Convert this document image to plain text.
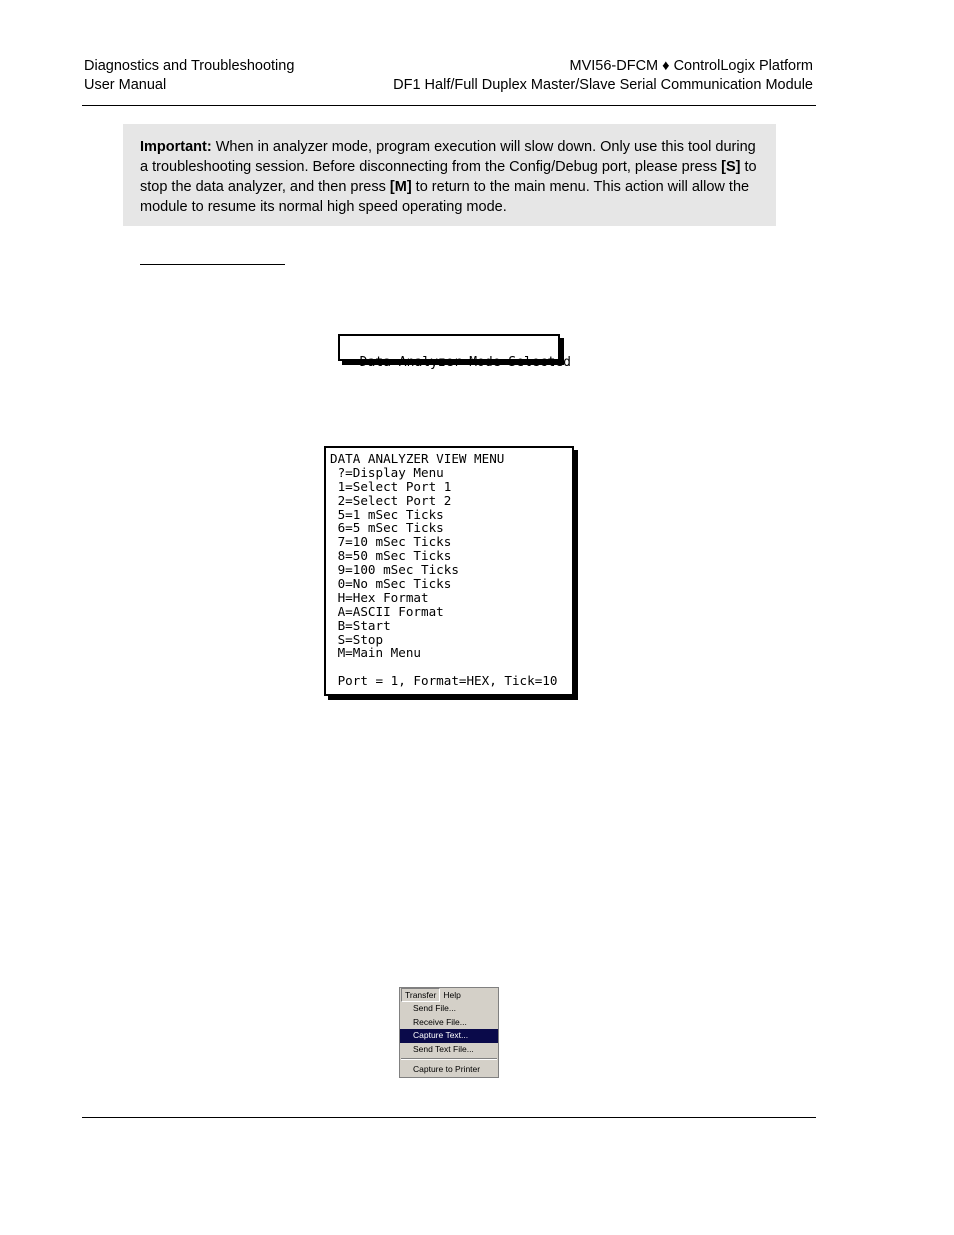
Diagnostics and Troubleshooting
User Manual
MVI56-DFCM ♦ ControlLogix Platform
DF1 Half/Full Duplex Master/Slave Serial Communication Module
Important: When in analyzer mode, program execution will slow down. Only use this tool during a troubleshooting session. Before disconnecting from the Config/Debug port, please press [S] to stop the data analyzer, and then press [M] to return to the main menu. This action will allow the module to resume its normal high speed operating mode.

Data Analyzer Mode Selected

DATA ANALYZER VIEW MENU
?=Display Menu
1=Select Port 1
2=Select Port 2
5=1 mSec Ticks
6=5 mSec Ticks
7=10 mSec Ticks
8=50 mSec Ticks
9=100 mSec Ticks
0=No mSec Ticks
H=Hex Format
A=ASCII Format
B=Start
S=Stop
M=Main Menu
Port = 1, Format=HEX, Tick=10
Transfer Help
Send File...
Receive File...
Capture Text...
Send Text File...
Capture to Printer
